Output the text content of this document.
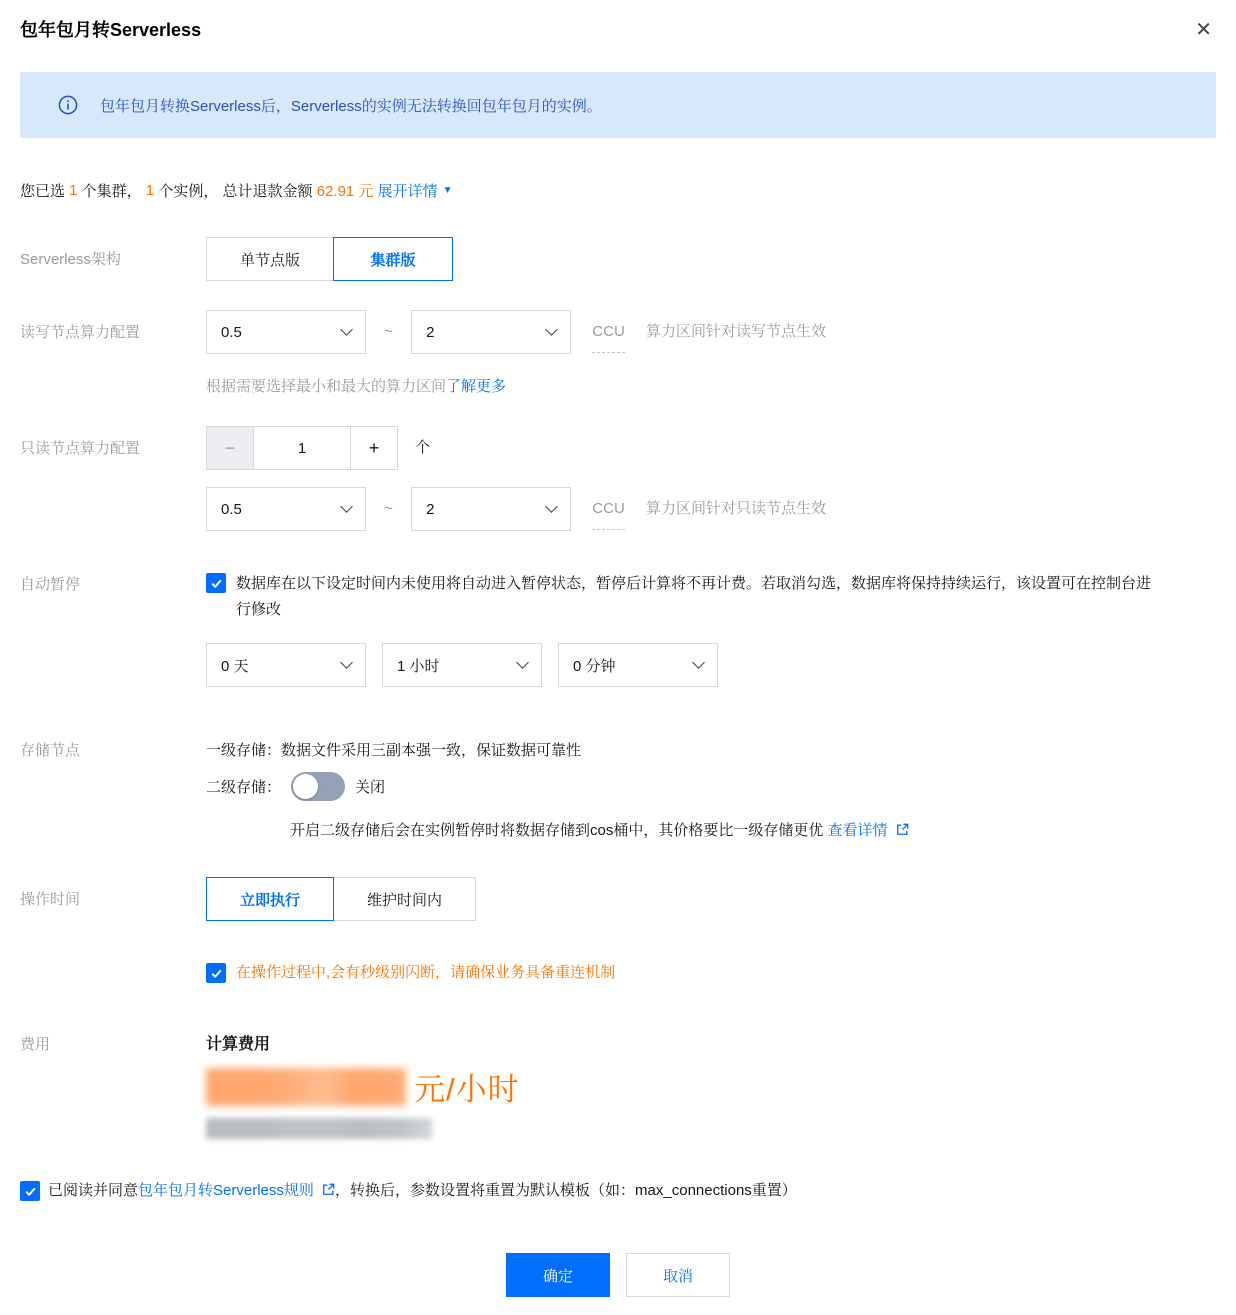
包年包月转Serverless	✕
包年包月转换Serverless后，Serverless的实例无法转换回包年包月的实例。
您已选 1 个集群， 1 个实例， 总计退款金额 62.91 元
展开详情 ▼
Serverless架构	单节点版	集群版
读写节点算力配置	0.5	~ 2	CCU 算力区间针对读写节点生效
根据需要选择最小和最大的算力区间了解更多
只读节点算力配置	−	1	+	个
0.5	~ 2	CCU 算力区间针对只读节点生效
自动暂停	数据库在以下设定时间内未使用将自动进入暂停状态，暂停后计算将不再计费。若取消勾选，数据库将保持持续运行，该设置可在控制台进行修改
0 天	1 小时	0 分钟
存储节点	一级存储：数据文件采用三副本强一致，保证数据可靠性
二级存储：	关闭
开启二级存储后会在实例暂停时将数据存储到cos桶中，其价格要比一级存储更优 查看详情
操作时间	立即执行	维护时间内
在操作过程中,会有秒级别闪断，请确保业务具备重连机制
费用	计算费用
元/小时
已阅读并同意包年包月转Serverless规则 ，转换后，参数设置将重置为默认模板（如：max_connections重置）
确定	取消
